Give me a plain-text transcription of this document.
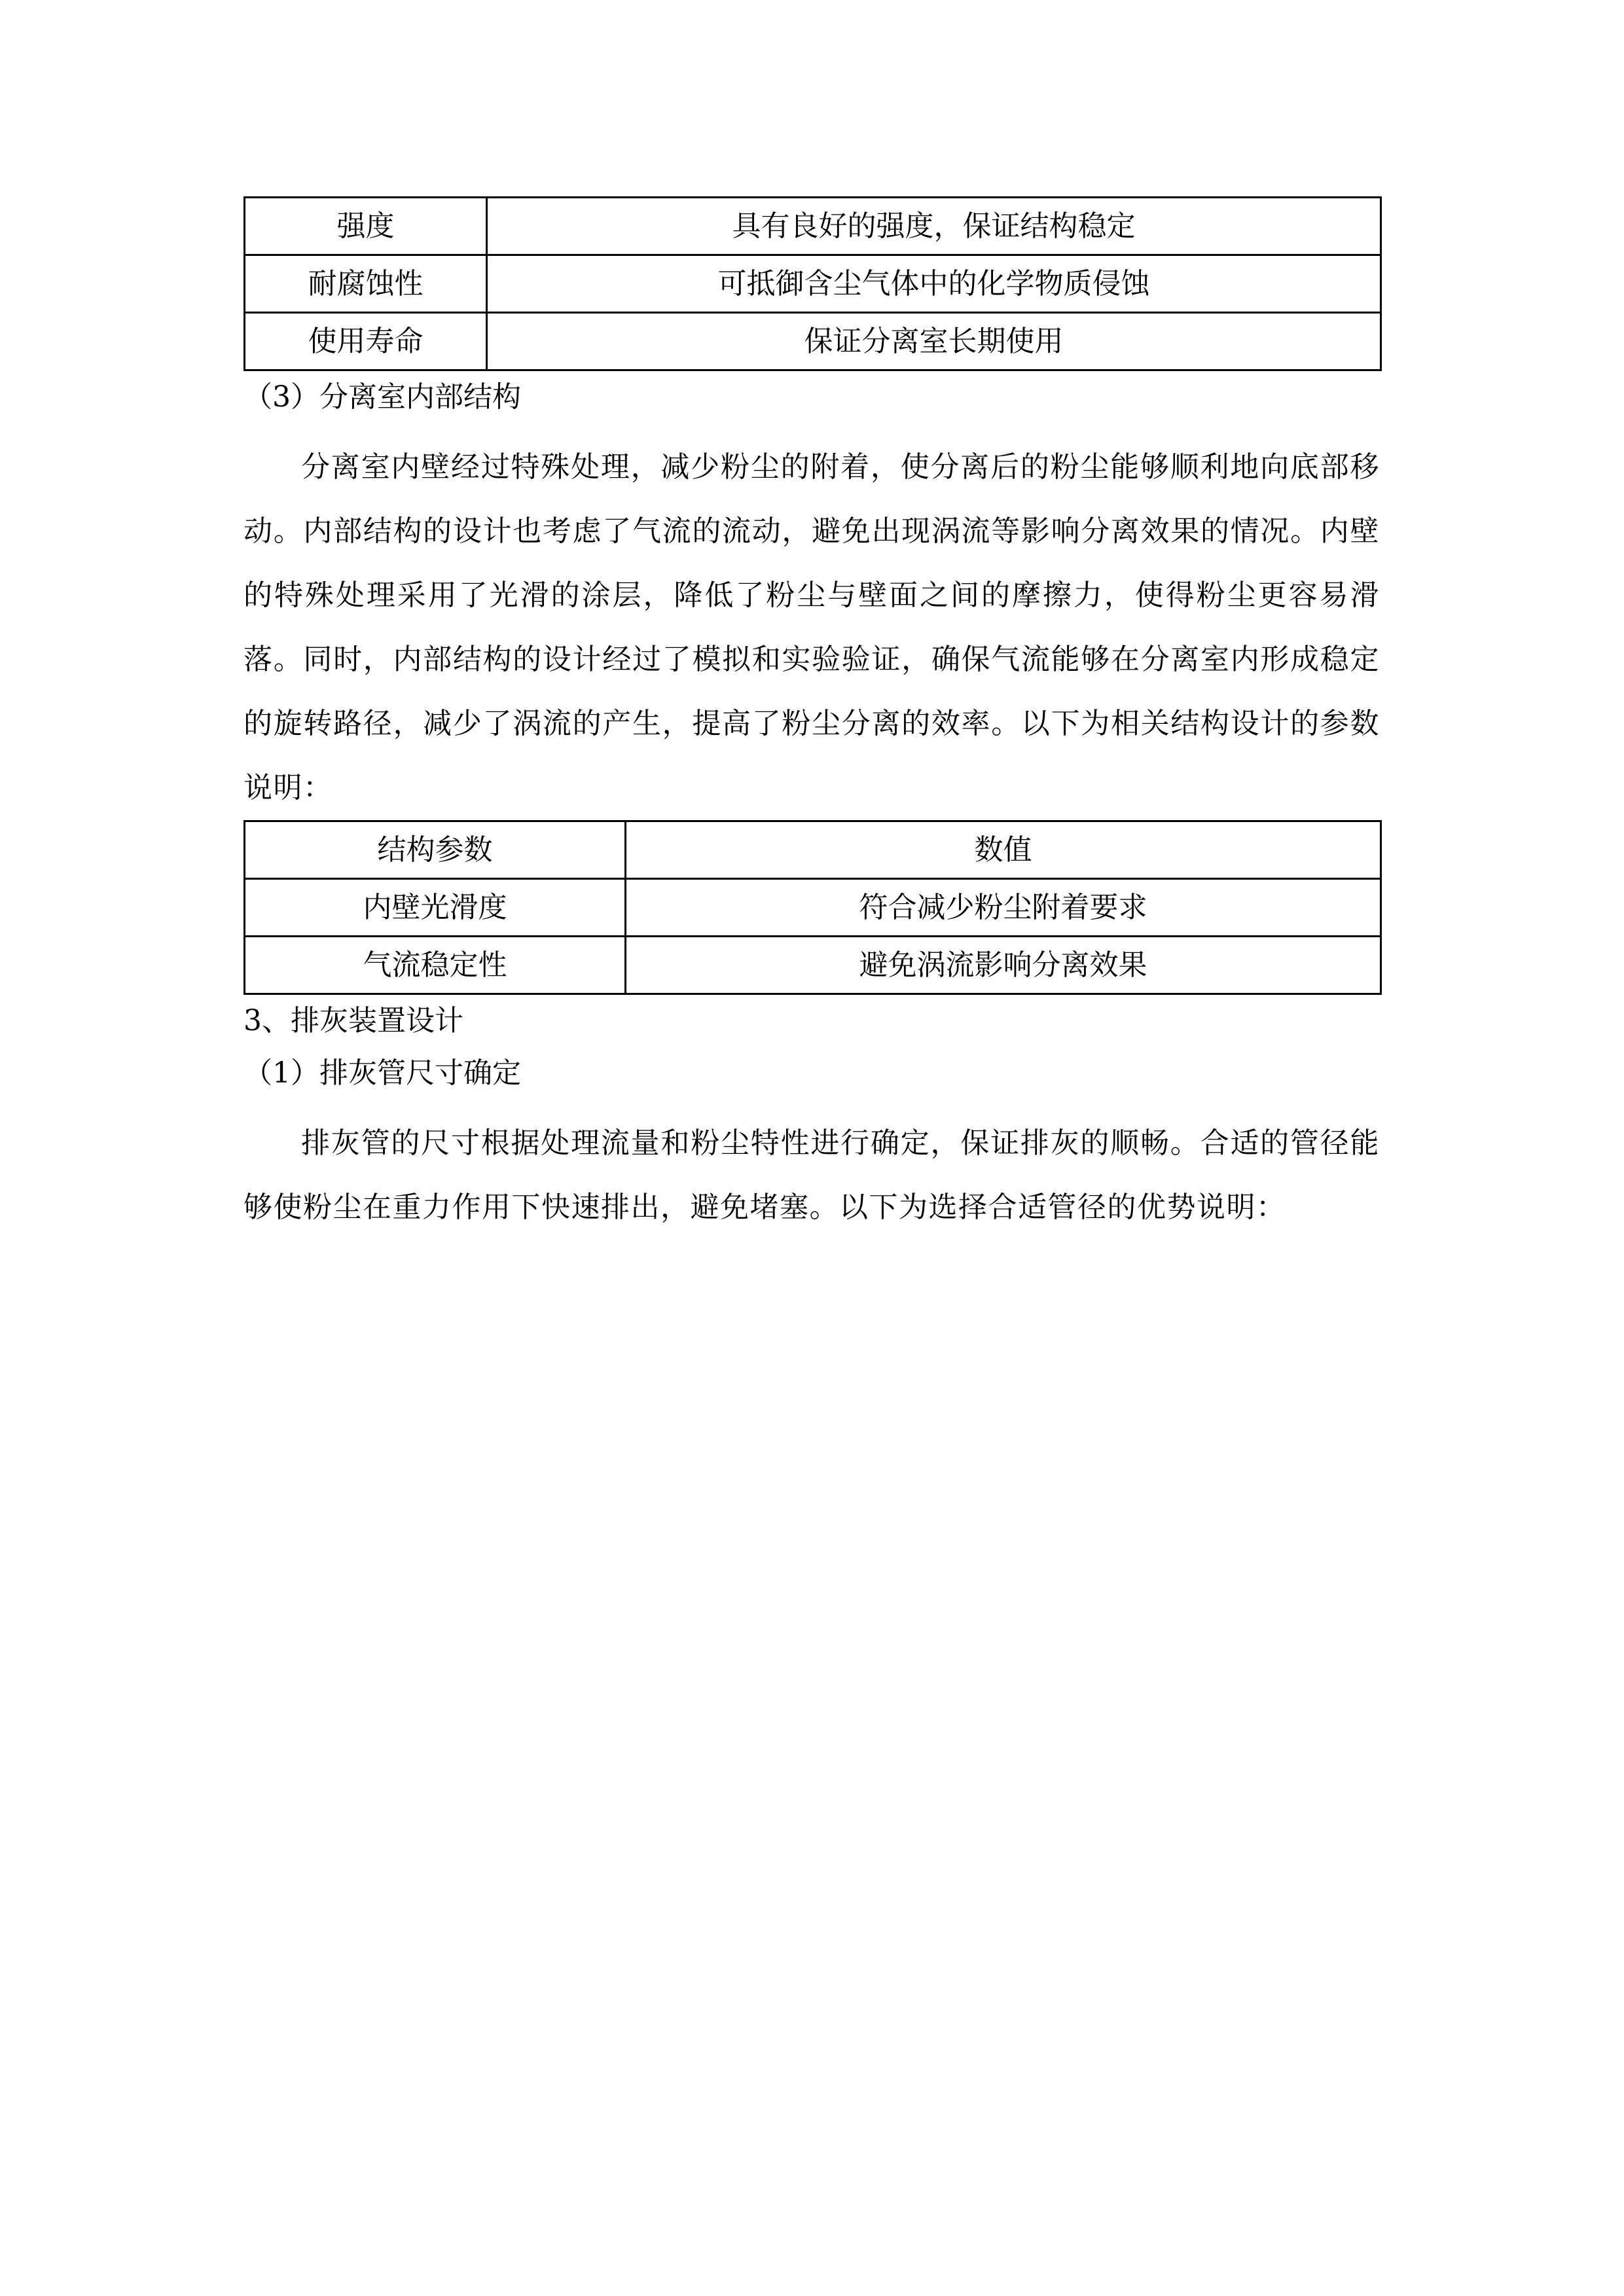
强度	具有良好的强度，保证结构稳定
耐腐蚀性	可抵御含尘气体中的化学物质侵蚀
使用寿命	保证分离室长期使用
（3）分离室内部结构

分离室内壁经过特殊处理，减少粉尘的附着，使分离后的粉尘能够顺利地向底部移动。内部结构的设计也考虑了气流的流动，避免出现涡流等影响分离效果的情况。内壁的特殊处理采用了光滑的涂层，降低了粉尘与壁面之间的摩擦力，使得粉尘更容易滑落。同时，内部结构的设计经过了模拟和实验验证，确保气流能够在分离室内形成稳定的旋转路径，减少了涡流的产生，提高了粉尘分离的效率。以下为相关结构设计的参数说明：

结构参数	数值
内壁光滑度	符合减少粉尘附着要求
气流稳定性	避免涡流影响分离效果
3、排灰装置设计
（1）排灰管尺寸确定

排灰管的尺寸根据处理流量和粉尘特性进行确定，保证排灰的顺畅。合适的管径能够使粉尘在重力作用下快速排出，避免堵塞。以下为选择合适管径的优势说明：
